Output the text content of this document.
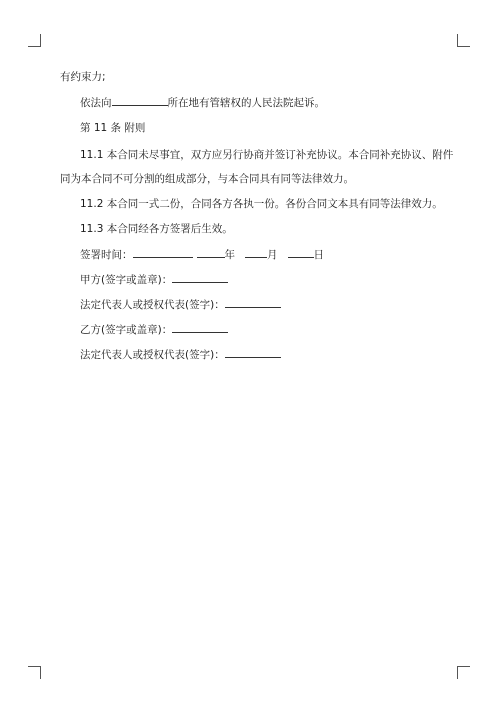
有约束力;
依法向	所在地有管辖权的人民法院起诉。
第 11 条 附则
11.1 本合同未尽事宜，双方应另行协商并签订补充协议。本合同补充协议、附件
同为本合同不可分割的组成部分，与本合同具有同等法律效力。
11.2 本合同一式二份，合同各方各执一份。各份合同文本具有同等法律效力。
11.3 本合同经各方签署后生效。
签署时间：	年	月	日
甲方(签字或盖章)：
法定代表人或授权代表(签字)：
乙方(签字或盖章)：
法定代表人或授权代表(签字)：
